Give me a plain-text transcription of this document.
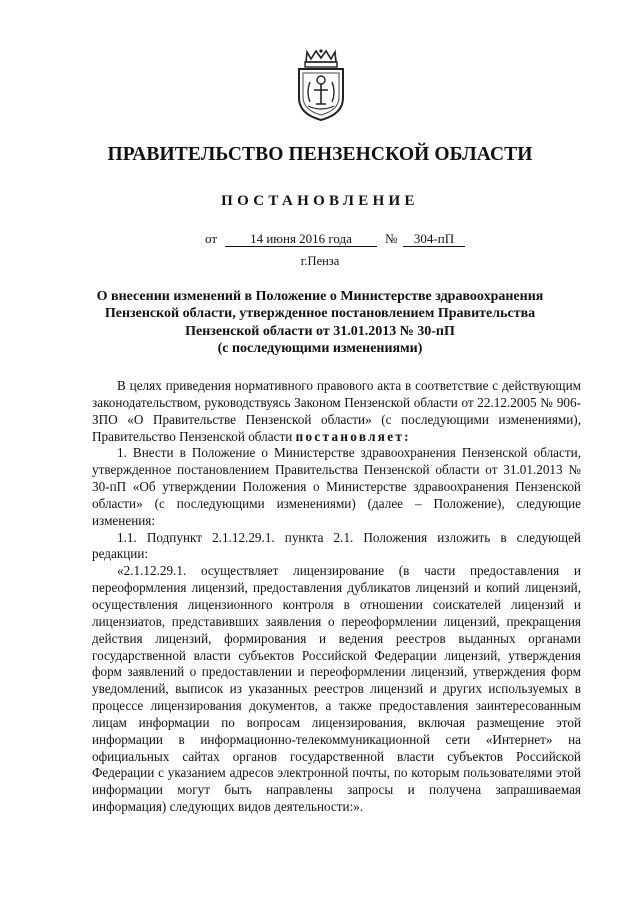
ПРАВИТЕЛЬСТВО ПЕНЗЕНСКОЙ ОБЛАСТИ
ПОСТАНОВЛЕНИЕ
от	14 июня 2016 года	№	304-пП
г.Пенза
О внесении изменений в Положение о Министерстве здравоохранения
Пензенской области, утвержденное постановлением Правительства
Пензенской области от 31.01.2013 № 30-пП
(с последующими изменениями)

В целях приведения нормативного правового акта в соответствие с действующим законодательством, руководствуясь Законом Пензенской области от 22.12.2005 № 906-ЗПО «О Правительстве Пензенской области» (с последующими изменениями), Правительство Пензенской области постановляет:

1. Внести в Положение о Министерстве здравоохранения Пензенской области, утвержденное постановлением Правительства Пензенской области от 31.01.2013 № 30-пП «Об утверждении Положения о Министерстве здравоохранения Пензенской области» (с последующими изменениями) (далее – Положение), следующие изменения:

1.1. Подпункт 2.1.12.29.1. пункта 2.1. Положения изложить в следующей редакции:

«2.1.12.29.1. осуществляет лицензирование (в части предоставления и переоформления лицензий, предоставления дубликатов лицензий и копий лицензий, осуществления лицензионного контроля в отношении соискателей лицензий и лицензиатов, представивших заявления о переоформлении лицензий, прекращения действия лицензий, формирования и ведения реестров выданных органами государственной власти субъектов Российской Федерации лицензий, утверждения форм заявлений о предоставлении и переоформлении лицензий, утверждения форм уведомлений, выписок из указанных реестров лицензий и других используемых в процессе лицензирования документов, а также предоставления заинтересованным лицам информации по вопросам лицензирования, включая размещение этой информации в информационно-телекоммуникационной сети «Интернет» на официальных сайтах органов государственной власти субъектов Российской Федерации с указанием адресов электронной почты, по которым пользователями этой информации могут быть направлены запросы и получена запрашиваемая информация) следующих видов деятельности:».
